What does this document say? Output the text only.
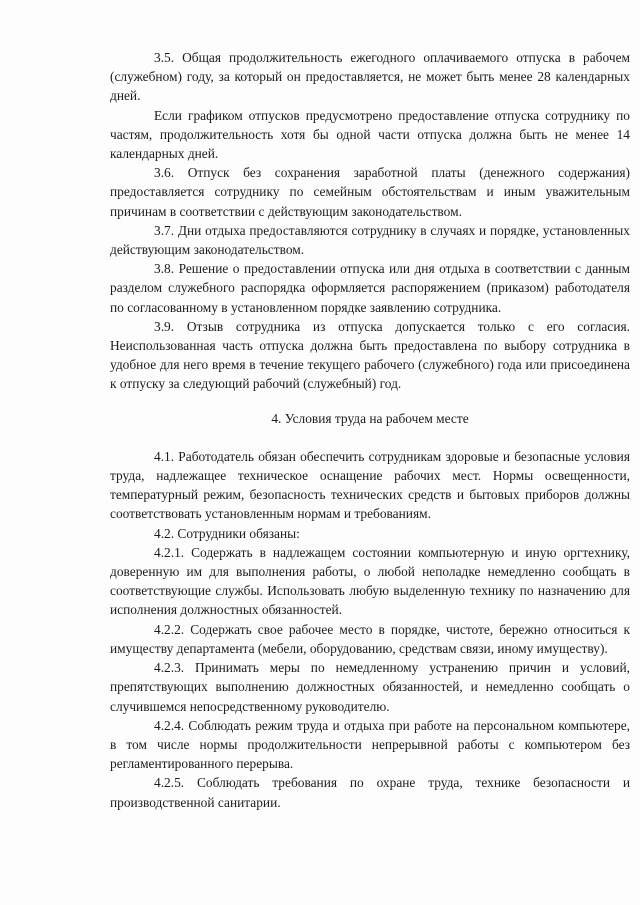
3.5. Общая продолжительность ежегодного оплачиваемого отпуска в рабочем (служебном) году, за который он предоставляется, не может быть менее 28 календарных дней.

Если графиком отпусков предусмотрено предоставление отпуска сотруднику по частям, продолжительность хотя бы одной части отпуска должна быть не менее 14 календарных дней.

3.6. Отпуск без сохранения заработной платы (денежного содержания) предоставляется сотруднику по семейным обстоятельствам и иным уважительным причинам в соответствии с действующим законодательством.

3.7. Дни отдыха предоставляются сотруднику в случаях и порядке, установленных действующим законодательством.

3.8. Решение о предоставлении отпуска или дня отдыха в соответствии с данным разделом служебного распорядка оформляется распоряжением (приказом) работодателя по согласованному в установленном порядке заявлению сотрудника.

3.9. Отзыв сотрудника из отпуска допускается только с его согласия. Неиспользованная часть отпуска должна быть предоставлена по выбору сотрудника в удобное для него время в течение текущего рабочего (служебного) года или присоединена к отпуску за следующий рабочий (служебный) год.

4. Условия труда на рабочем месте

4.1. Работодатель обязан обеспечить сотрудникам здоровые и безопасные условия труда, надлежащее техническое оснащение рабочих мест. Нормы освещенности, температурный режим, безопасность технических средств и бытовых приборов должны соответствовать установленным нормам и требованиям.

4.2. Сотрудники обязаны:

4.2.1. Содержать в надлежащем состоянии компьютерную и иную оргтехнику, доверенную им для выполнения работы, о любой неполадке немедленно сообщать в соответствующие службы. Использовать любую выделенную технику по назначению для исполнения должностных обязанностей.

4.2.2. Содержать свое рабочее место в порядке, чистоте, бережно относиться к имуществу департамента (мебели, оборудованию, средствам связи, иному имуществу).

4.2.3. Принимать меры по немедленному устранению причин и условий, препятствующих выполнению должностных обязанностей, и немедленно сообщать о случившемся непосредственному руководителю.

4.2.4. Соблюдать режим труда и отдыха при работе на персональном компьютере, в том числе нормы продолжительности непрерывной работы с компьютером без регламентированного перерыва.

4.2.5. Соблюдать требования по охране труда, технике безопасности и производственной санитарии.
